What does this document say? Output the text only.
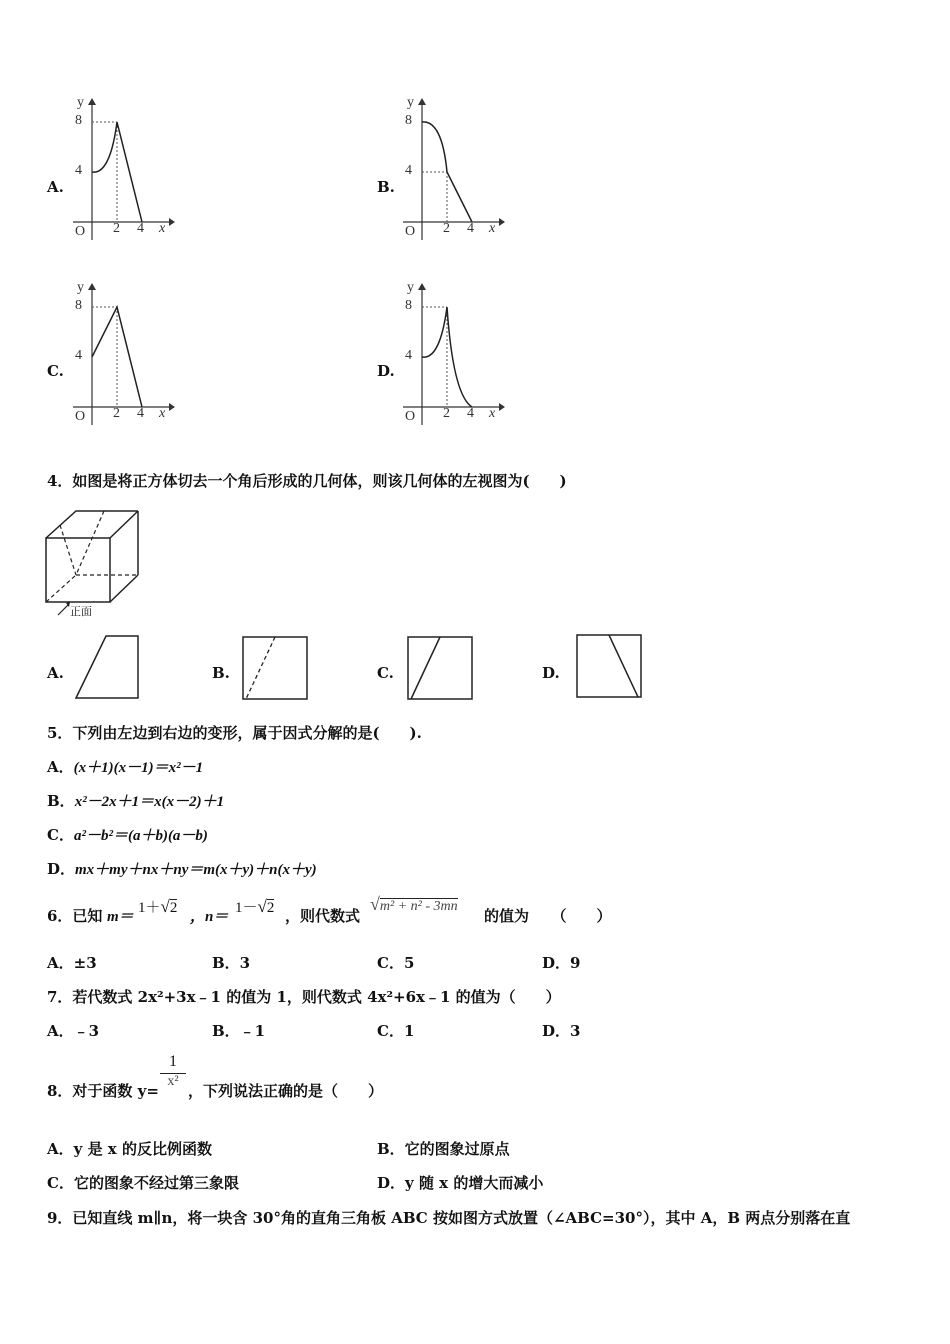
A.
y
8
4
O 2 4 x
B.
y
8
4
O 2 4 x
C.
y
8
4
O 2 4 x
D.
y
8
4
O 2 4 x
4．如图是将正方体切去一个角后形成的几何体，则该几何体的左视图为(　　)
正面
A.	B.	C.	D.
5．下列由左边到右边的变形，属于因式分解的是(　　).
A．(x＋1)(x－1)＝x²－1
B．x²－2x＋1＝x(x－2)＋1
C．a²－b²＝(a＋b)(a－b)
D．mx＋my＋nx＋ny＝m(x＋y)＋n(x＋y)
6．已知 m＝
1＋√2
，n＝
1－√2 ，则代数式
√m² + n² - 3mn
的值为　　（　　）
A．±3	B．3	C．5	D．9
7．若代数式 2x²+3x﹣1 的值为 1，则代数式 4x²+6x﹣1 的值为（　　）
A．﹣3	B．﹣1	C．1	D．3
8．对于函数 y=
$\frac{1}{\text{x²}}$
，下列说法正确的是（　　）
A．y 是 x 的反比例函数	B．它的图象过原点
C．它的图象不经过第三象限	D．y 随 x 的增大而减小
9．已知直线 m∥n，将一块含 30°角的直角三角板 ABC 按如图方式放置（∠ABC=30°），其中 A，B 两点分别落在直
